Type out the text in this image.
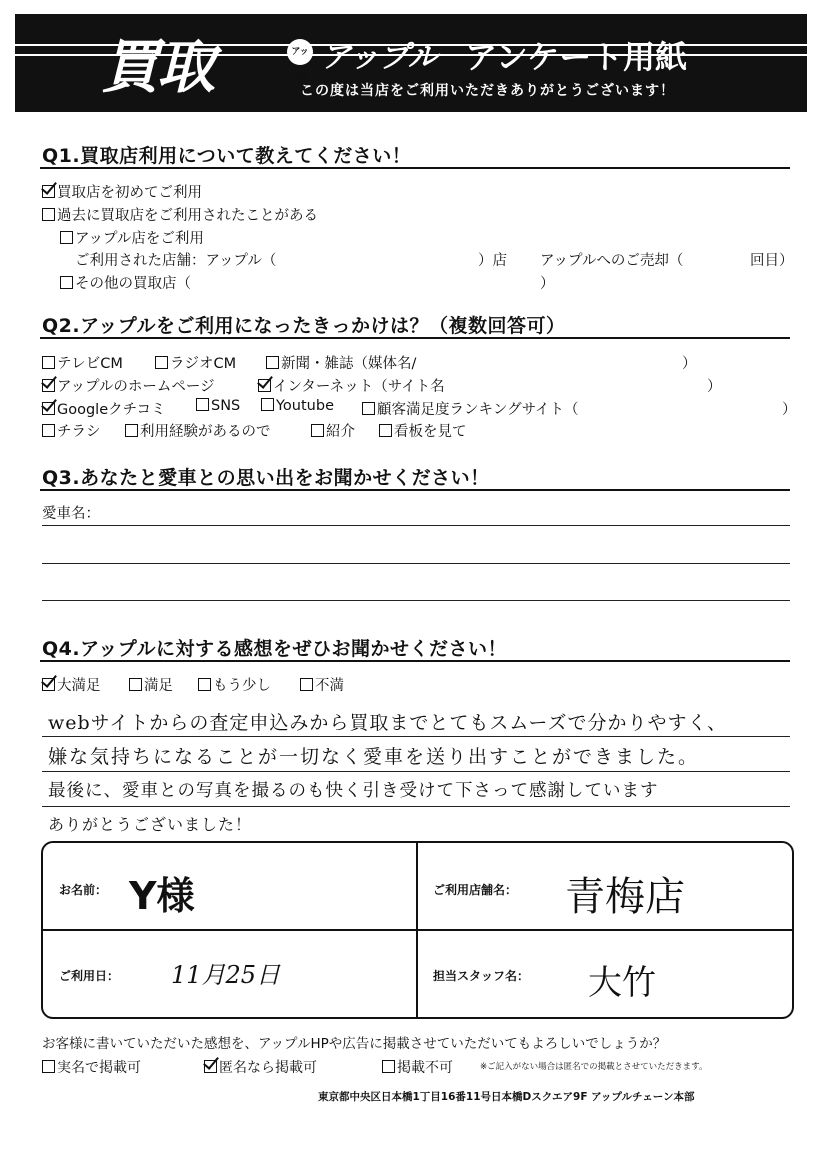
買取	アップル
アップル アンケート用紙
この度は当店をご利用いただきありがとうございます！
Q1.買取店利用について教えてください！
買取店を初めてご利用
過去に買取店をご利用されたことがある
アップル店をご利用
ご利用された店舗：アップル（	）店 アップルへのご売却（	回目）
その他の買取店（	）
Q2.アップルをご利用になったきっかけは？（複数回答可）
テレビCM	ラジオCM	新聞・雑誌（媒体名/	）
アップルのホームページ	インターネット（サイト名	）
Googleクチコミ	SNS	Youtube	顧客満足度ランキングサイト（	）
チラシ	利用経験があるので	紹介	看板を見て
Q3.あなたと愛車との思い出をお聞かせください！
愛車名：
Q4.アップルに対する感想をぜひお聞かせください！
大満足	満足	もう少し	不満
webサイトからの査定申込みから買取までとてもスムーズで分かりやすく、
嫌な気持ちになることが一切なく愛車を送り出すことができました。
最後に、愛車との写真を撮るのも快く引き受けて下さって感謝しています
ありがとうございました！
お名前： Y様	ご利用店舗名： 青梅店
ご利用日： 11月25日	担当スタッフ名： 大竹
お客様に書いていただいた感想を、アップルHPや広告に掲載させていただいてもよろしいでしょうか？
実名で掲載可	匿名なら掲載可	掲載不可	※ご記入がない場合は匿名での掲載とさせていただきます。
東京都中央区日本橋1丁目16番11号日本橋Dスクエア9F アップルチェーン本部
